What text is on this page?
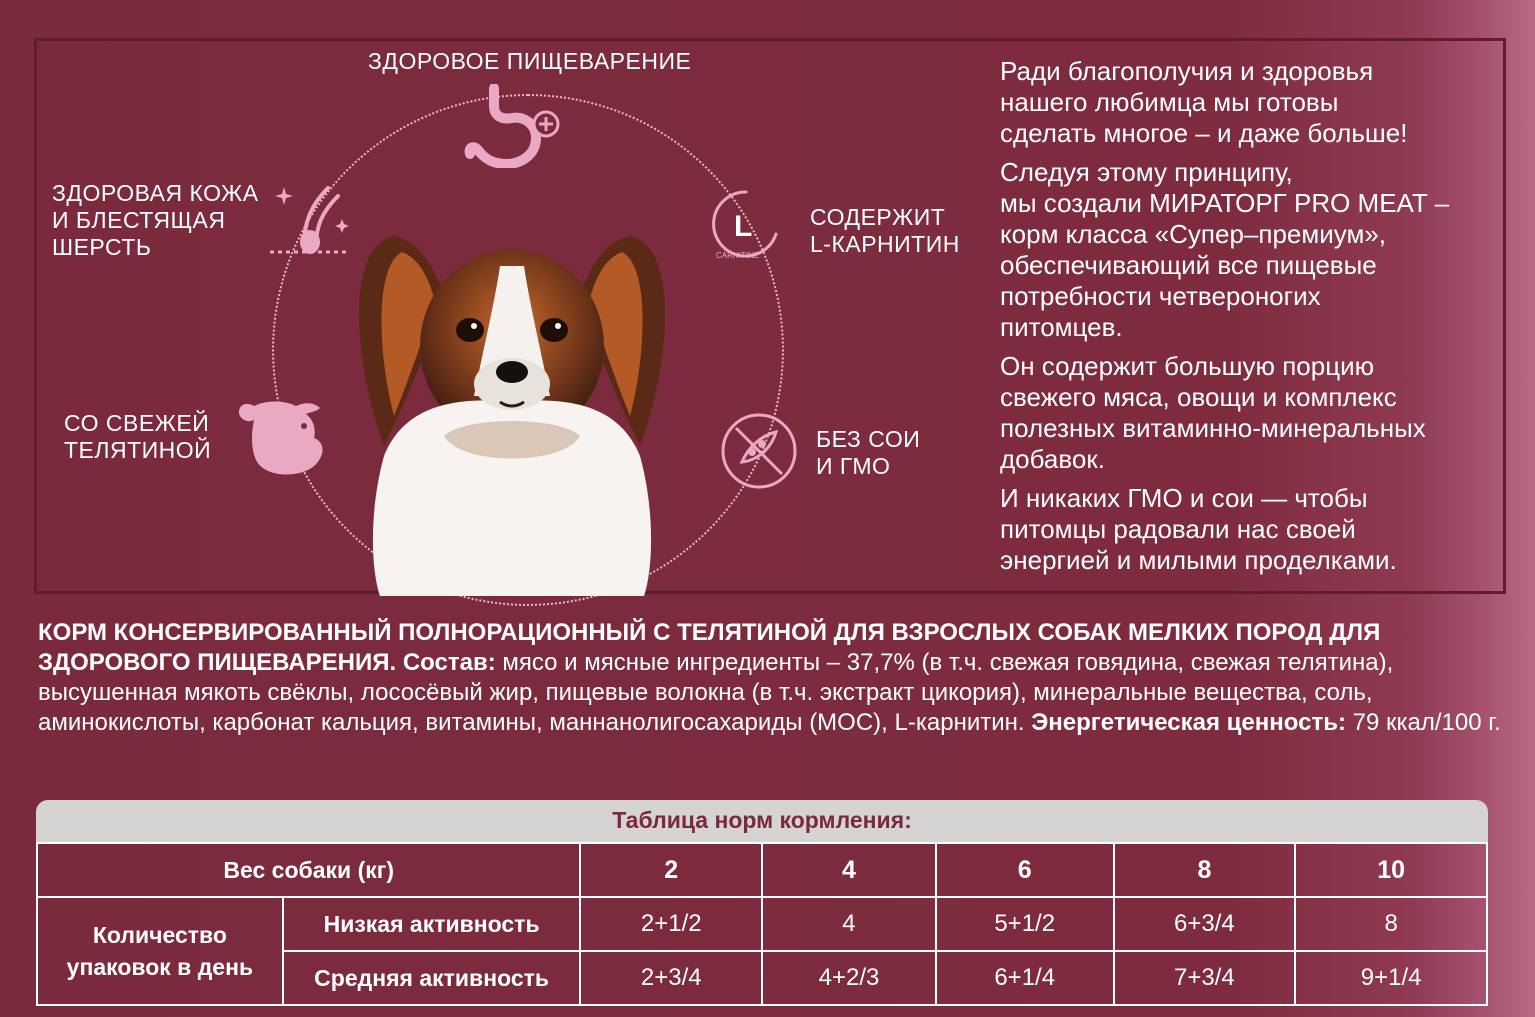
ЗДОРОВОЕ ПИЩЕВАРЕНИЕ
ЗДОРОВАЯ КОЖА
И БЛЕСТЯЩАЯ
ШЕРСТЬ
L
CARNITINE
СОДЕРЖИТ
L-КАРНИТИН
СО СВЕЖЕЙ
ТЕЛЯТИНОЙ	БЕЗ СОИ
И ГМО

Ради благополучия и здоровья
нашего любимца мы готовы
сделать многое – и даже больше!

Следуя этому принципу,
мы создали МИРАТОРГ PRO MEAT –
корм класса «Супер–премиум»,
обеспечивающий все пищевые
потребности четвероногих
питомцев.

Он содержит большую порцию
свежего мяса, овощи и комплекс
полезных витаминно-минеральных
добавок.

И никаких ГМО и сои — чтобы
питомцы радовали нас своей
энергией и милыми проделками.

КОРМ КОНСЕРВИРОВАННЫЙ ПОЛНОРАЦИОННЫЙ С ТЕЛЯТИНОЙ ДЛЯ ВЗРОСЛЫХ СОБАК МЕЛКИХ ПОРОД ДЛЯ ЗДОРОВОГО ПИЩЕВАРЕНИЯ. Состав: мясо и мясные ингредиенты – 37,7% (в т.ч. свежая говядина, свежая телятина), высушенная мякоть свёклы, лососёвый жир, пищевые волокна (в т.ч. экстракт цикория), минеральные вещества, соль, аминокислоты, карбонат кальция, витамины, маннанолигосахариды (МОС), L-карнитин. Энергетическая ценность: 79 ккал/100 г.
Таблица норм кормления:
Вес собаки (кг)		2	4	6	8	10
Количество упаковок в день	Низкая активность	2+1/2	4	5+1/2	6+3/4	8
	Средняя активность	2+3/4	4+2/3	6+1/4	7+3/4	9+1/4
